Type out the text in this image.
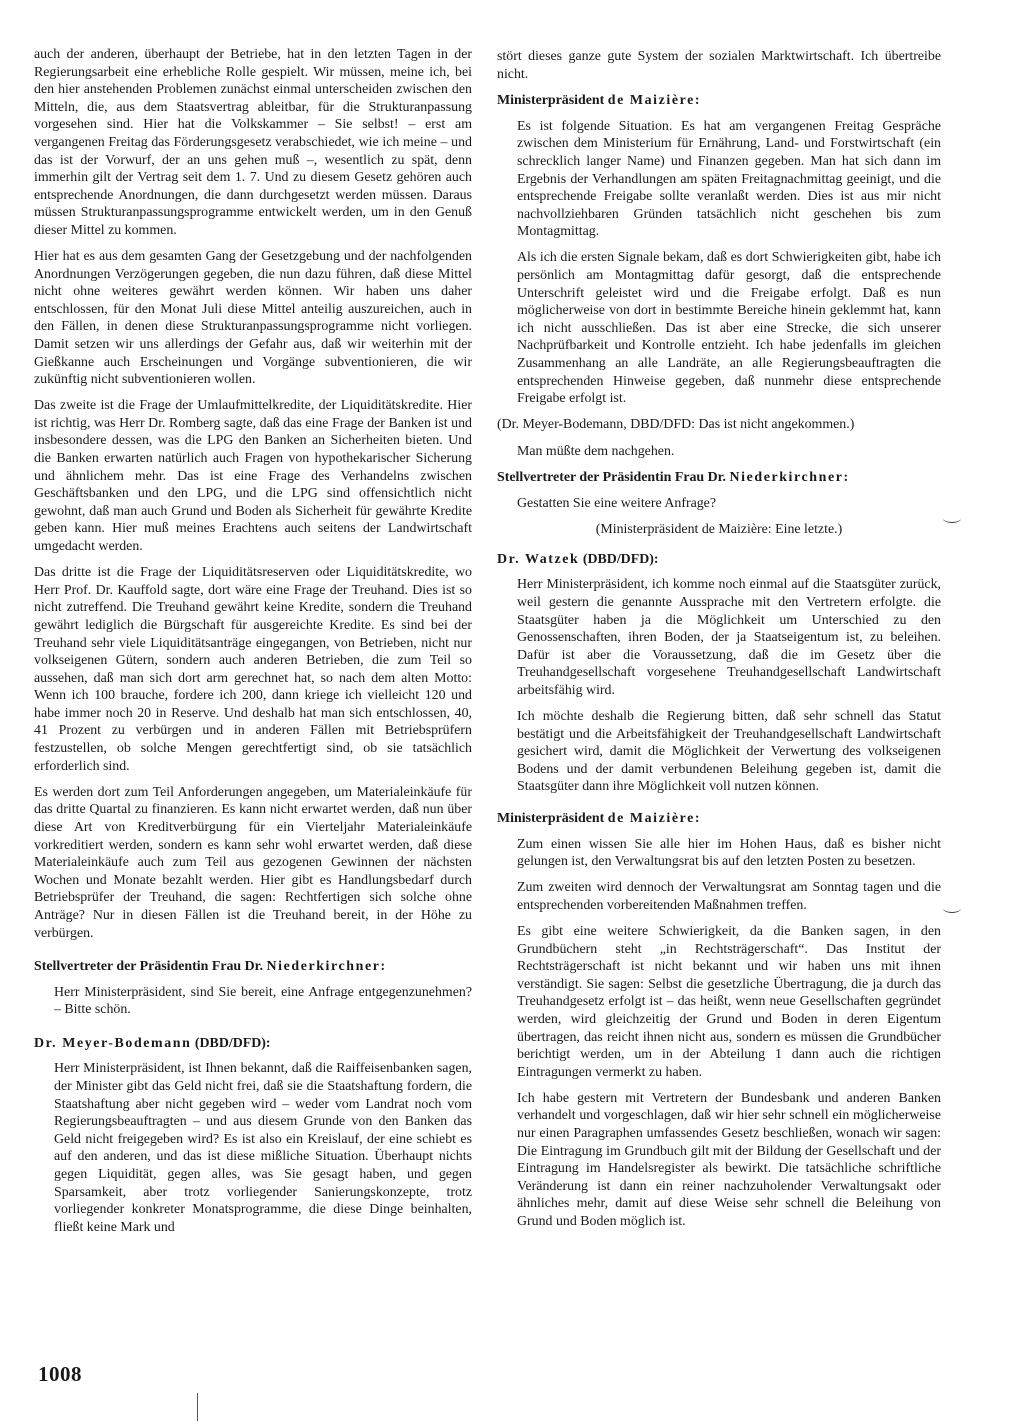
auch der anderen, überhaupt der Betriebe, hat in den letzten Tagen in der Regierungsarbeit eine erhebliche Rolle gespielt. Wir müssen, meine ich, bei den hier anstehenden Problemen zunächst einmal unterscheiden zwischen den Mitteln, die, aus dem Staatsvertrag ableitbar, für die Strukturanpassung vorgesehen sind. Hier hat die Volkskammer – Sie selbst! – erst am vergangenen Freitag das Förderungsgesetz verabschiedet, wie ich meine – und das ist der Vorwurf, der an uns gehen muß –, wesentlich zu spät, denn immerhin gilt der Vertrag seit dem 1. 7. Und zu diesem Gesetz gehören auch entsprechende Anordnungen, die dann durchgesetzt werden müssen. Daraus müssen Strukturanpassungsprogramme entwickelt werden, um in den Genuß dieser Mittel zu kommen.

Hier hat es aus dem gesamten Gang der Gesetzgebung und der nachfolgenden Anordnungen Verzögerungen gegeben, die nun dazu führen, daß diese Mittel nicht ohne weiteres gewährt werden können. Wir haben uns daher entschlossen, für den Monat Juli diese Mittel anteilig auszureichen, auch in den Fällen, in denen diese Strukturanpassungsprogramme nicht vorliegen. Damit setzen wir uns allerdings der Gefahr aus, daß wir weiterhin mit der Gießkanne auch Erscheinungen und Vorgänge subventionieren, die wir zukünftig nicht subventionieren wollen.

Das zweite ist die Frage der Umlaufmittelkredite, der Liquiditätskredite. Hier ist richtig, was Herr Dr. Romberg sagte, daß das eine Frage der Banken ist und insbesondere dessen, was die LPG den Banken an Sicherheiten bieten. Und die Banken erwarten natürlich auch Fragen von hypothekarischer Sicherung und ähnlichem mehr. Das ist eine Frage des Verhandelns zwischen Geschäftsbanken und den LPG, und die LPG sind offensichtlich nicht gewohnt, daß man auch Grund und Boden als Sicherheit für gewährte Kredite geben kann. Hier muß meines Erachtens auch seitens der Landwirtschaft umgedacht werden.

Das dritte ist die Frage der Liquiditätsreserven oder Liquiditätskredite, wo Herr Prof. Dr. Kauffold sagte, dort wäre eine Frage der Treuhand. Dies ist so nicht zutreffend. Die Treuhand gewährt keine Kredite, sondern die Treuhand gewährt lediglich die Bürgschaft für ausgereichte Kredite. Es sind bei der Treuhand sehr viele Liquiditätsanträge eingegangen, von Betrieben, nicht nur volkseigenen Gütern, sondern auch anderen Betrieben, die zum Teil so aussehen, daß man sich dort arm gerechnet hat, so nach dem alten Motto: Wenn ich 100 brauche, fordere ich 200, dann kriege ich vielleicht 120 und habe immer noch 20 in Reserve. Und deshalb hat man sich entschlossen, 40, 41 Prozent zu verbürgen und in anderen Fällen mit Betriebsprüfern festzustellen, ob solche Mengen gerechtfertigt sind, ob sie tatsächlich erforderlich sind.

Es werden dort zum Teil Anforderungen angegeben, um Materialeinkäufe für das dritte Quartal zu finanzieren. Es kann nicht erwartet werden, daß nun über diese Art von Kreditverbürgung für ein Vierteljahr Materialeinkäufe vorkreditiert werden, sondern es kann sehr wohl erwartet werden, daß diese Materialeinkäufe auch zum Teil aus gezogenen Gewinnen der nächsten Wochen und Monate bezahlt werden. Hier gibt es Handlungsbedarf durch Betriebsprüfer der Treuhand, die sagen: Rechtfertigen sich solche ohne Anträge? Nur in diesen Fällen ist die Treuhand bereit, in der Höhe zu verbürgen.

Stellvertreter der Präsidentin Frau Dr. Niederkirchner:

Herr Ministerpräsident, sind Sie bereit, eine Anfrage entgegenzunehmen? – Bitte schön.

Dr. Meyer-Bodemann (DBD/DFD):

Herr Ministerpräsident, ist Ihnen bekannt, daß die Raiffeisenbanken sagen, der Minister gibt das Geld nicht frei, daß sie die Staatshaftung fordern, die Staatshaftung aber nicht gegeben wird – weder vom Landrat noch vom Regierungsbeauftragten – und aus diesem Grunde von den Banken das Geld nicht freigegeben wird? Es ist also ein Kreislauf, der eine schiebt es auf den anderen, und das ist diese mißliche Situation. Überhaupt nichts gegen Liquidität, gegen alles, was Sie gesagt haben, und gegen Sparsamkeit, aber trotz vorliegender Sanierungskonzepte, trotz vorliegender konkreter Monatsprogramme, die diese Dinge beinhalten, fließt keine Mark und

stört dieses ganze gute System der sozialen Marktwirtschaft. Ich übertreibe nicht.

Ministerpräsident de Maizière:

Es ist folgende Situation. Es hat am vergangenen Freitag Gespräche zwischen dem Ministerium für Ernährung, Land- und Forstwirtschaft (ein schrecklich langer Name) und Finanzen gegeben. Man hat sich dann im Ergebnis der Verhandlungen am späten Freitagnachmittag geeinigt, und die entsprechende Freigabe sollte veranlaßt werden. Dies ist aus mir nicht nachvollziehbaren Gründen tatsächlich nicht geschehen bis zum Montagmittag.

Als ich die ersten Signale bekam, daß es dort Schwierigkeiten gibt, habe ich persönlich am Montagmittag dafür gesorgt, daß die entsprechende Unterschrift geleistet wird und die Freigabe erfolgt. Daß es nun möglicherweise von dort in bestimmte Bereiche hinein geklemmt hat, kann ich nicht ausschließen. Das ist aber eine Strecke, die sich unserer Nachprüfbarkeit und Kontrolle entzieht. Ich habe jedenfalls im gleichen Zusammenhang an alle Landräte, an alle Regierungsbeauftragten die entsprechenden Hinweise gegeben, daß nunmehr diese entsprechende Freigabe erfolgt ist.

(Dr. Meyer-Bodemann, DBD/DFD: Das ist nicht angekommen.)

Man müßte dem nachgehen.

Stellvertreter der Präsidentin Frau Dr. Niederkirchner:

Gestatten Sie eine weitere Anfrage?

(Ministerpräsident de Maizière: Eine letzte.)

Dr. Watzek (DBD/DFD):

Herr Ministerpräsident, ich komme noch einmal auf die Staatsgüter zurück, weil gestern die genannte Aussprache mit den Vertretern erfolgte. die Staatsgüter haben ja die Möglichkeit um Unterschied zu den Genossenschaften, ihren Boden, der ja Staatseigentum ist, zu beleihen. Dafür ist aber die Voraussetzung, daß die im Gesetz über die Treuhandgesellschaft vorgesehene Treuhandgesellschaft Landwirtschaft arbeitsfähig wird.

Ich möchte deshalb die Regierung bitten, daß sehr schnell das Statut bestätigt und die Arbeitsfähigkeit der Treuhandgesellschaft Landwirtschaft gesichert wird, damit die Möglichkeit der Verwertung des volkseigenen Bodens und der damit verbundenen Beleihung gegeben ist, damit die Staatsgüter dann ihre Möglichkeit voll nutzen können.

Ministerpräsident de Maizière:

Zum einen wissen Sie alle hier im Hohen Haus, daß es bisher nicht gelungen ist, den Verwaltungsrat bis auf den letzten Posten zu besetzen.

Zum zweiten wird dennoch der Verwaltungsrat am Sonntag tagen und die entsprechenden vorbereitenden Maßnahmen treffen.

Es gibt eine weitere Schwierigkeit, da die Banken sagen, in den Grundbüchern steht „in Rechtsträgerschaft“. Das Institut der Rechtsträgerschaft ist nicht bekannt und wir haben uns mit ihnen verständigt. Sie sagen: Selbst die gesetzliche Übertragung, die ja durch das Treuhandgesetz erfolgt ist – das heißt, wenn neue Gesellschaften gegründet werden, wird gleichzeitig der Grund und Boden in deren Eigentum übertragen, das reicht ihnen nicht aus, sondern es müssen die Grundbücher berichtigt werden, um in der Abteilung 1 dann auch die richtigen Eintragungen vermerkt zu haben.

Ich habe gestern mit Vertretern der Bundesbank und anderen Banken verhandelt und vorgeschlagen, daß wir hier sehr schnell ein möglicherweise nur einen Paragraphen umfassendes Gesetz beschließen, wonach wir sagen: Die Eintragung im Grundbuch gilt mit der Bildung der Gesellschaft und der Eintragung im Handelsregister als bewirkt. Die tatsächliche schriftliche Veränderung ist dann ein reiner nachzuholender Verwaltungsakt oder ähnliches mehr, damit auf diese Weise sehr schnell die Beleihung von Grund und Boden möglich ist.

1008
